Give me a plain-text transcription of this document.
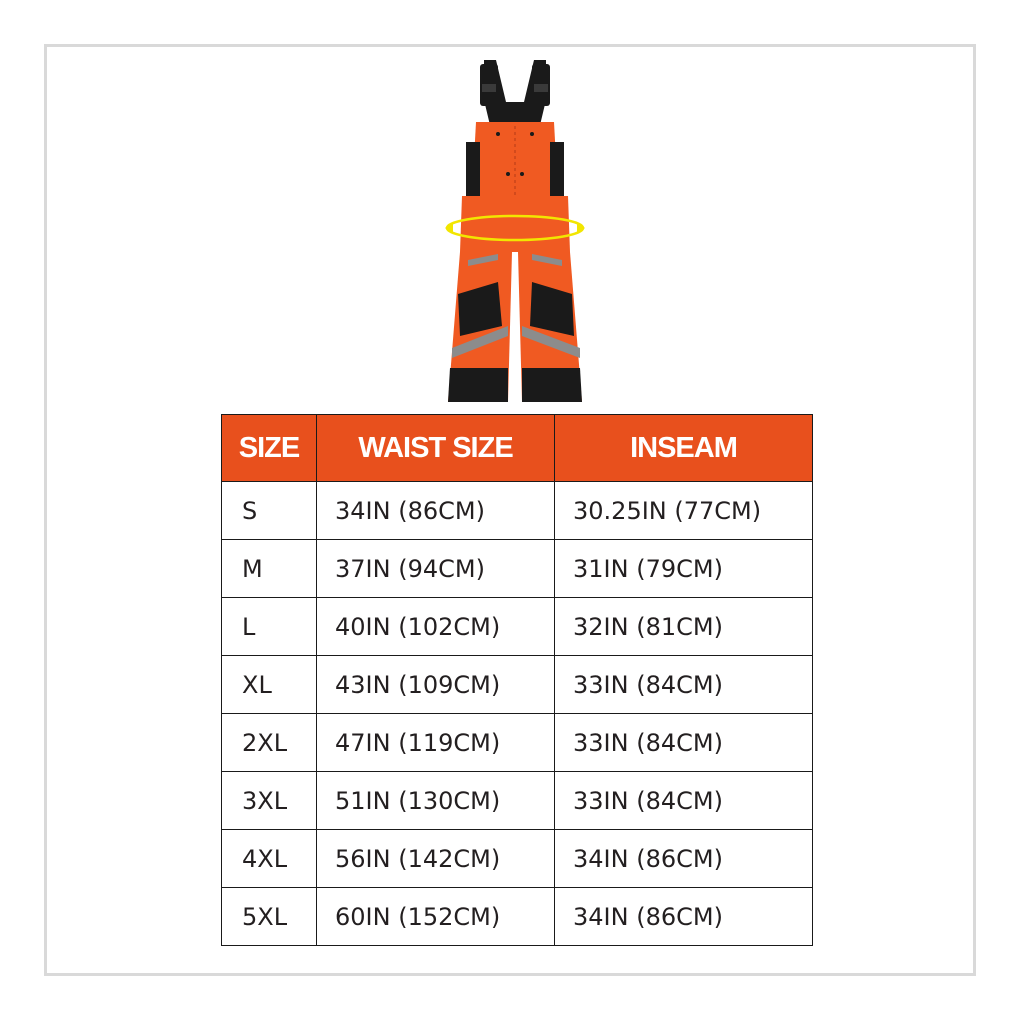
SIZE	WAIST SIZE	INSEAM
S	34IN (86CM)	30.25IN (77CM)
M	37IN (94CM)	31IN (79CM)
L	40IN (102CM)	32IN (81CM)
XL	43IN (109CM)	33IN (84CM)
2XL	47IN (119CM)	33IN (84CM)
3XL	51IN (130CM)	33IN (84CM)
4XL	56IN (142CM)	34IN (86CM)
5XL	60IN (152CM)	34IN (86CM)
